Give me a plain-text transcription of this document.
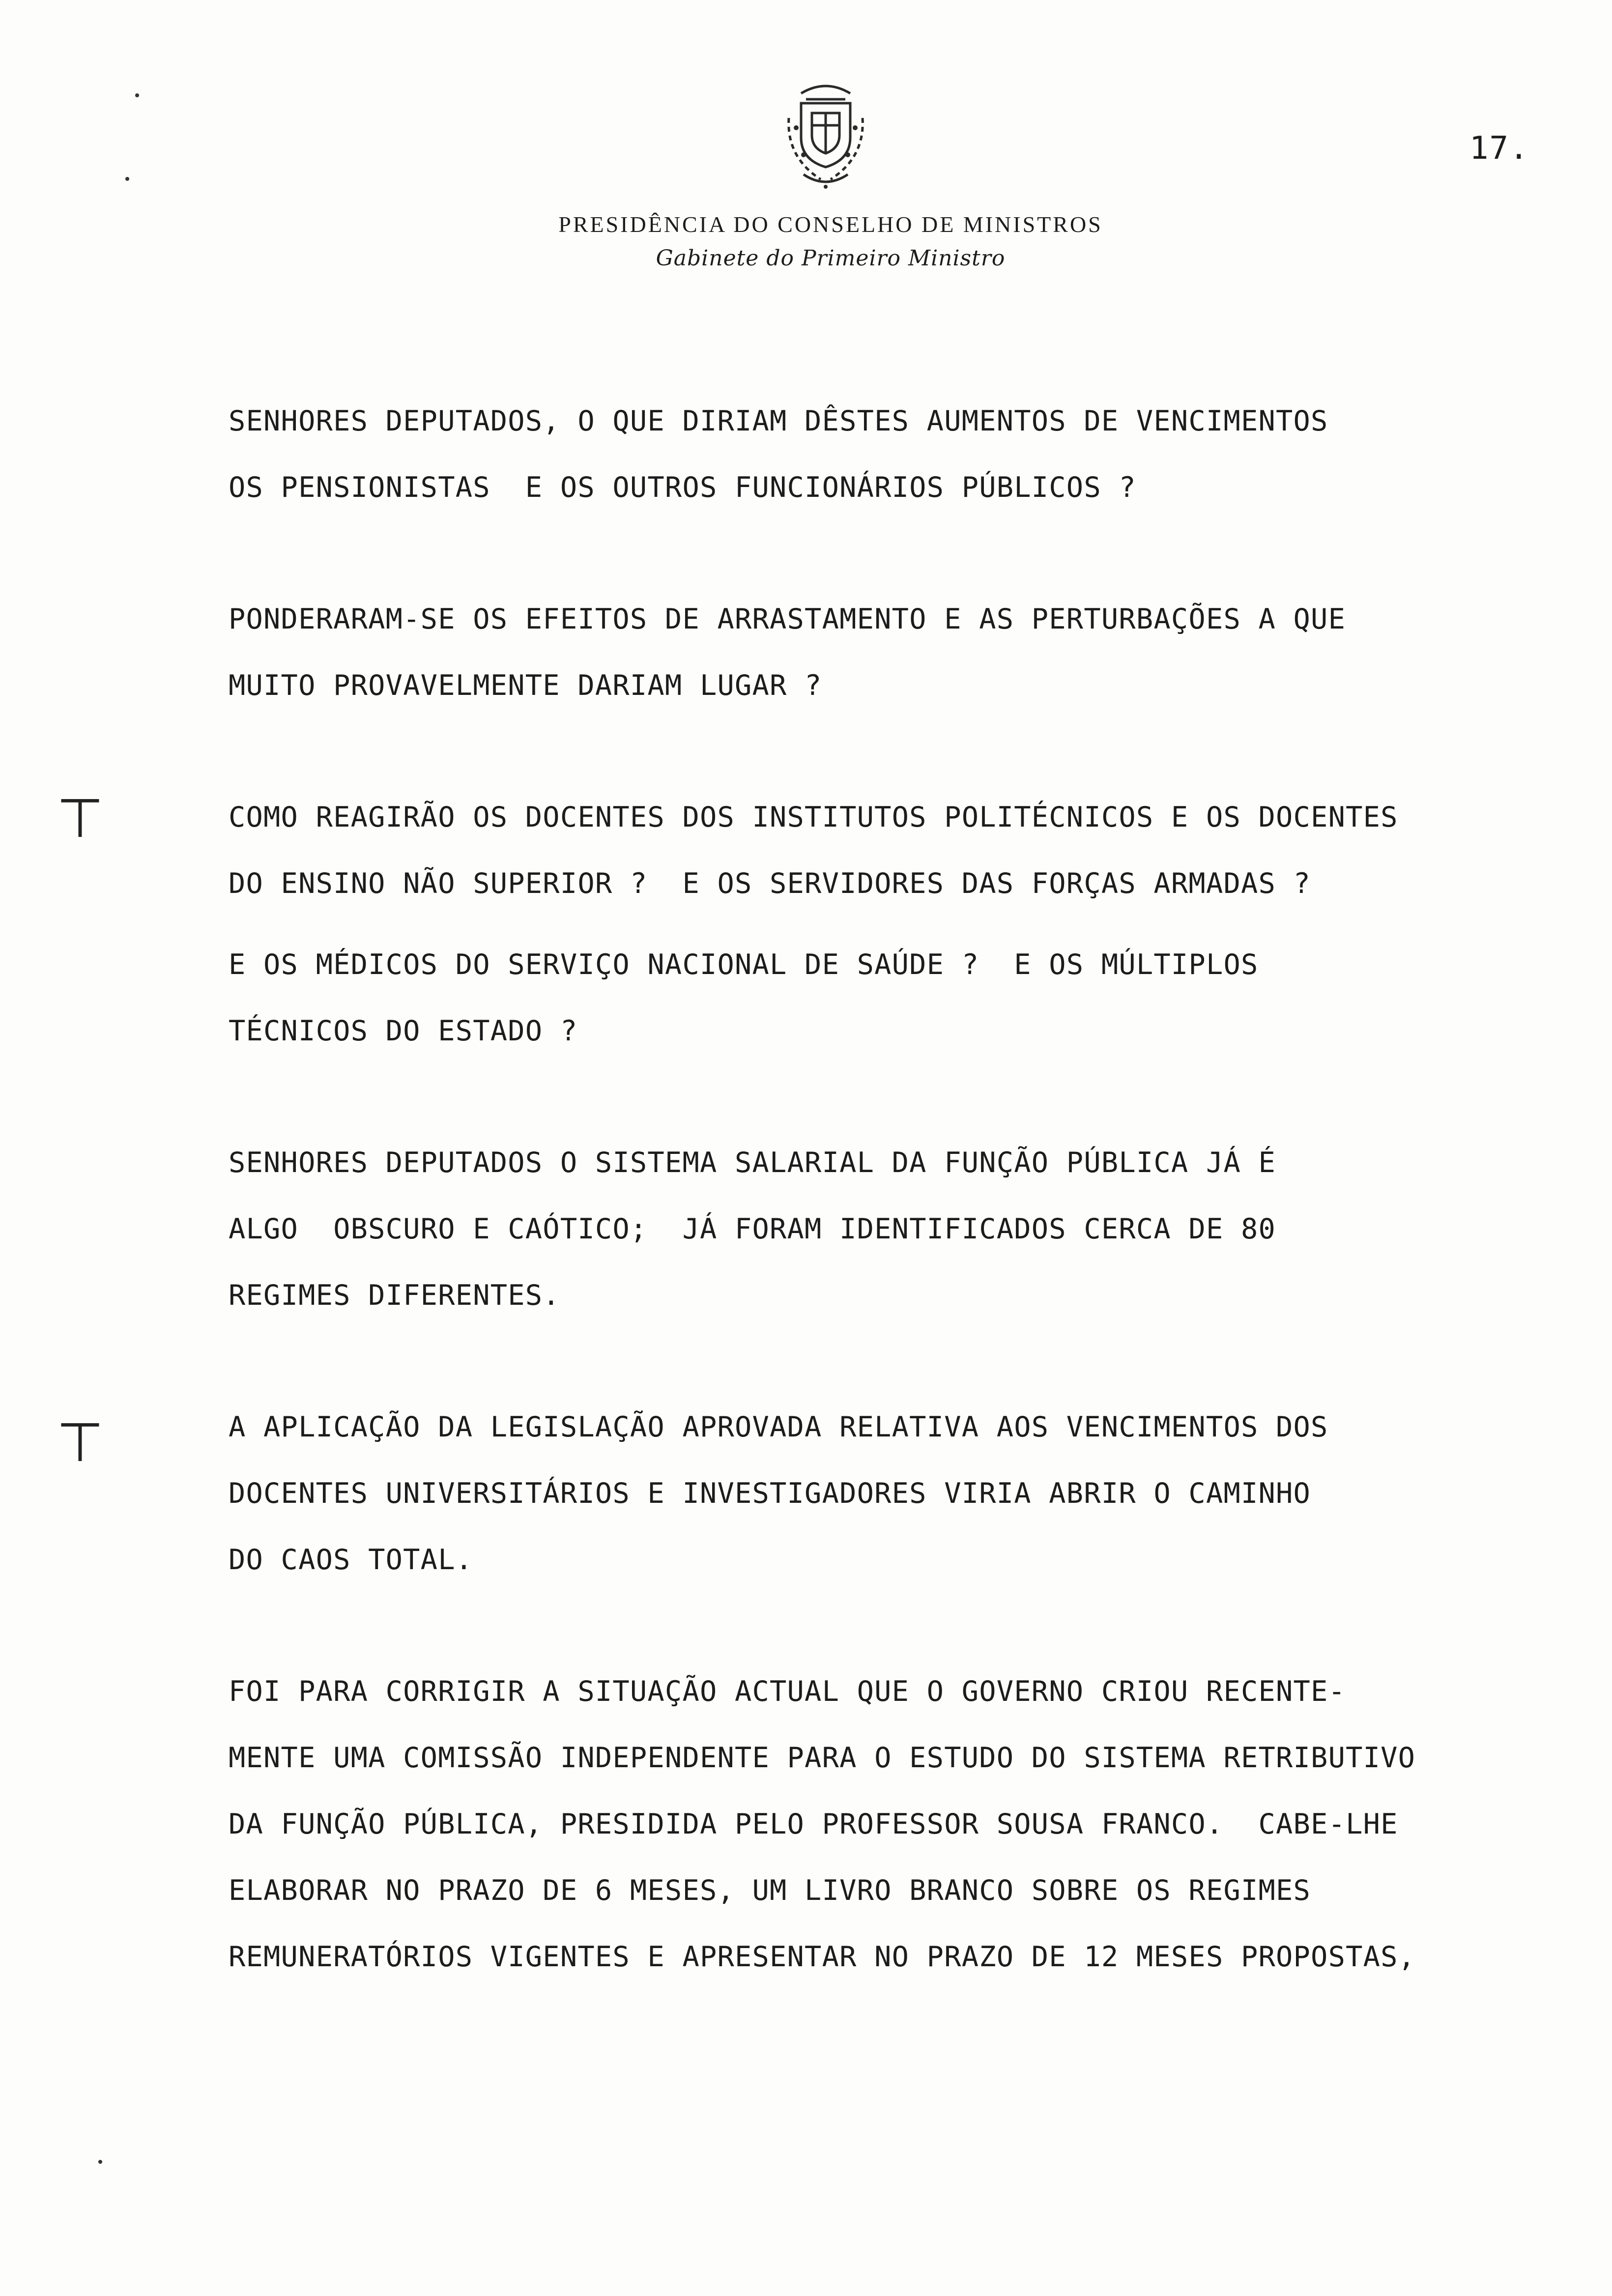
17.
PRESIDÊNCIA DO CONSELHO DE MINISTROS
Gabinete do Primeiro Ministro
⊤
⊤
SENHORES DEPUTADOS, O QUE DIRIAM DÊSTES AUMENTOS DE VENCIMENTOS
OS PENSIONISTAS  E OS OUTROS FUNCIONÁRIOS PÚBLICOS ?
PONDERARAM-SE OS EFEITOS DE ARRASTAMENTO E AS PERTURBAÇÕES A QUE
MUITO PROVAVELMENTE DARIAM LUGAR ?
COMO REAGIRÃO OS DOCENTES DOS INSTITUTOS POLITÉCNICOS E OS DOCENTES
DO ENSINO NÃO SUPERIOR ?  E OS SERVIDORES DAS FORÇAS ARMADAS ?
E OS MÉDICOS DO SERVIÇO NACIONAL DE SAÚDE ?  E OS MÚLTIPLOS
TÉCNICOS DO ESTADO ?
SENHORES DEPUTADOS O SISTEMA SALARIAL DA FUNÇÃO PÚBLICA JÁ É
ALGO  OBSCURO E CAÓTICO;  JÁ FORAM IDENTIFICADOS CERCA DE 80
REGIMES DIFERENTES.
A APLICAÇÃO DA LEGISLAÇÃO APROVADA RELATIVA AOS VENCIMENTOS DOS
DOCENTES UNIVERSITÁRIOS E INVESTIGADORES VIRIA ABRIR O CAMINHO
DO CAOS TOTAL.
FOI PARA CORRIGIR A SITUAÇÃO ACTUAL QUE O GOVERNO CRIOU RECENTE-
MENTE UMA COMISSÃO INDEPENDENTE PARA O ESTUDO DO SISTEMA RETRIBUTIVO
DA FUNÇÃO PÚBLICA, PRESIDIDA PELO PROFESSOR SOUSA FRANCO.  CABE-LHE
ELABORAR NO PRAZO DE 6 MESES, UM LIVRO BRANCO SOBRE OS REGIMES
REMUNERATÓRIOS VIGENTES E APRESENTAR NO PRAZO DE 12 MESES PROPOSTAS,
